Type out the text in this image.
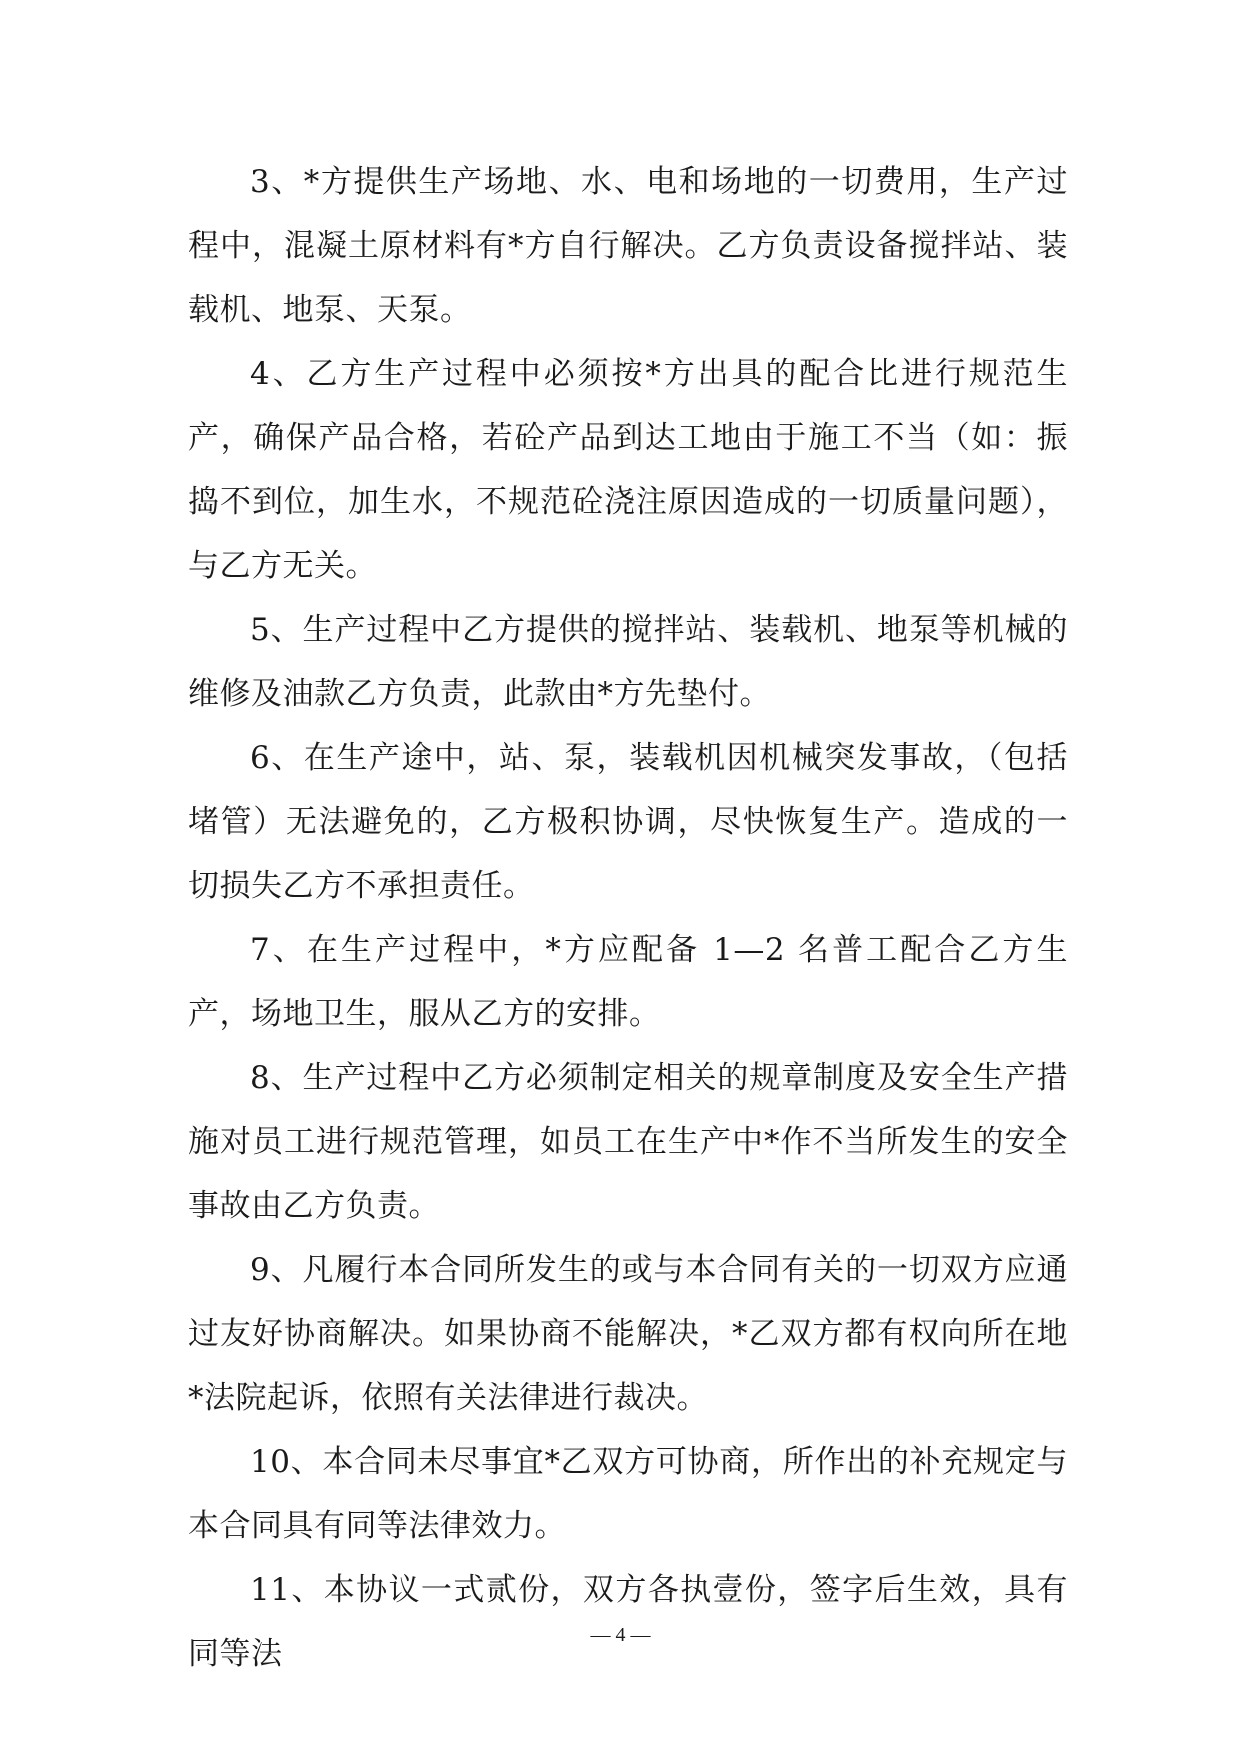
3、*方提供生产场地、水、电和场地的一切费用，生产过程中，混凝土原材料有*方自行解决。乙方负责设备搅拌站、装载机、地泵、天泵。

4、乙方生产过程中必须按*方出具的配合比进行规范生产，确保产品合格，若砼产品到达工地由于施工不当（如：振捣不到位，加生水，不规范砼浇注原因造成的一切质量问题），与乙方无关。

5、生产过程中乙方提供的搅拌站、装载机、地泵等机械的维修及油款乙方负责，此款由*方先垫付。

6、在生产途中，站、泵，装载机因机械突发事故，（包括堵管）无法避免的，乙方极积协调，尽快恢复生产。造成的一切损失乙方不承担责任。

7、在生产过程中，*方应配备 1—2 名普工配合乙方生产，场地卫生，服从乙方的安排。

8、生产过程中乙方必须制定相关的规章制度及安全生产措施对员工进行规范管理，如员工在生产中*作不当所发生的安全事故由乙方负责。

9、凡履行本合同所发生的或与本合同有关的一切双方应通过友好协商解决。如果协商不能解决，*乙双方都有权向所在地*法院起诉，依照有关法律进行裁决。

10、本合同未尽事宜*乙双方可协商，所作出的补充规定与本合同具有同等法律效力。

11、本协议一式贰份，双方各执壹份，签字后生效，具有同等法

— 4 —
